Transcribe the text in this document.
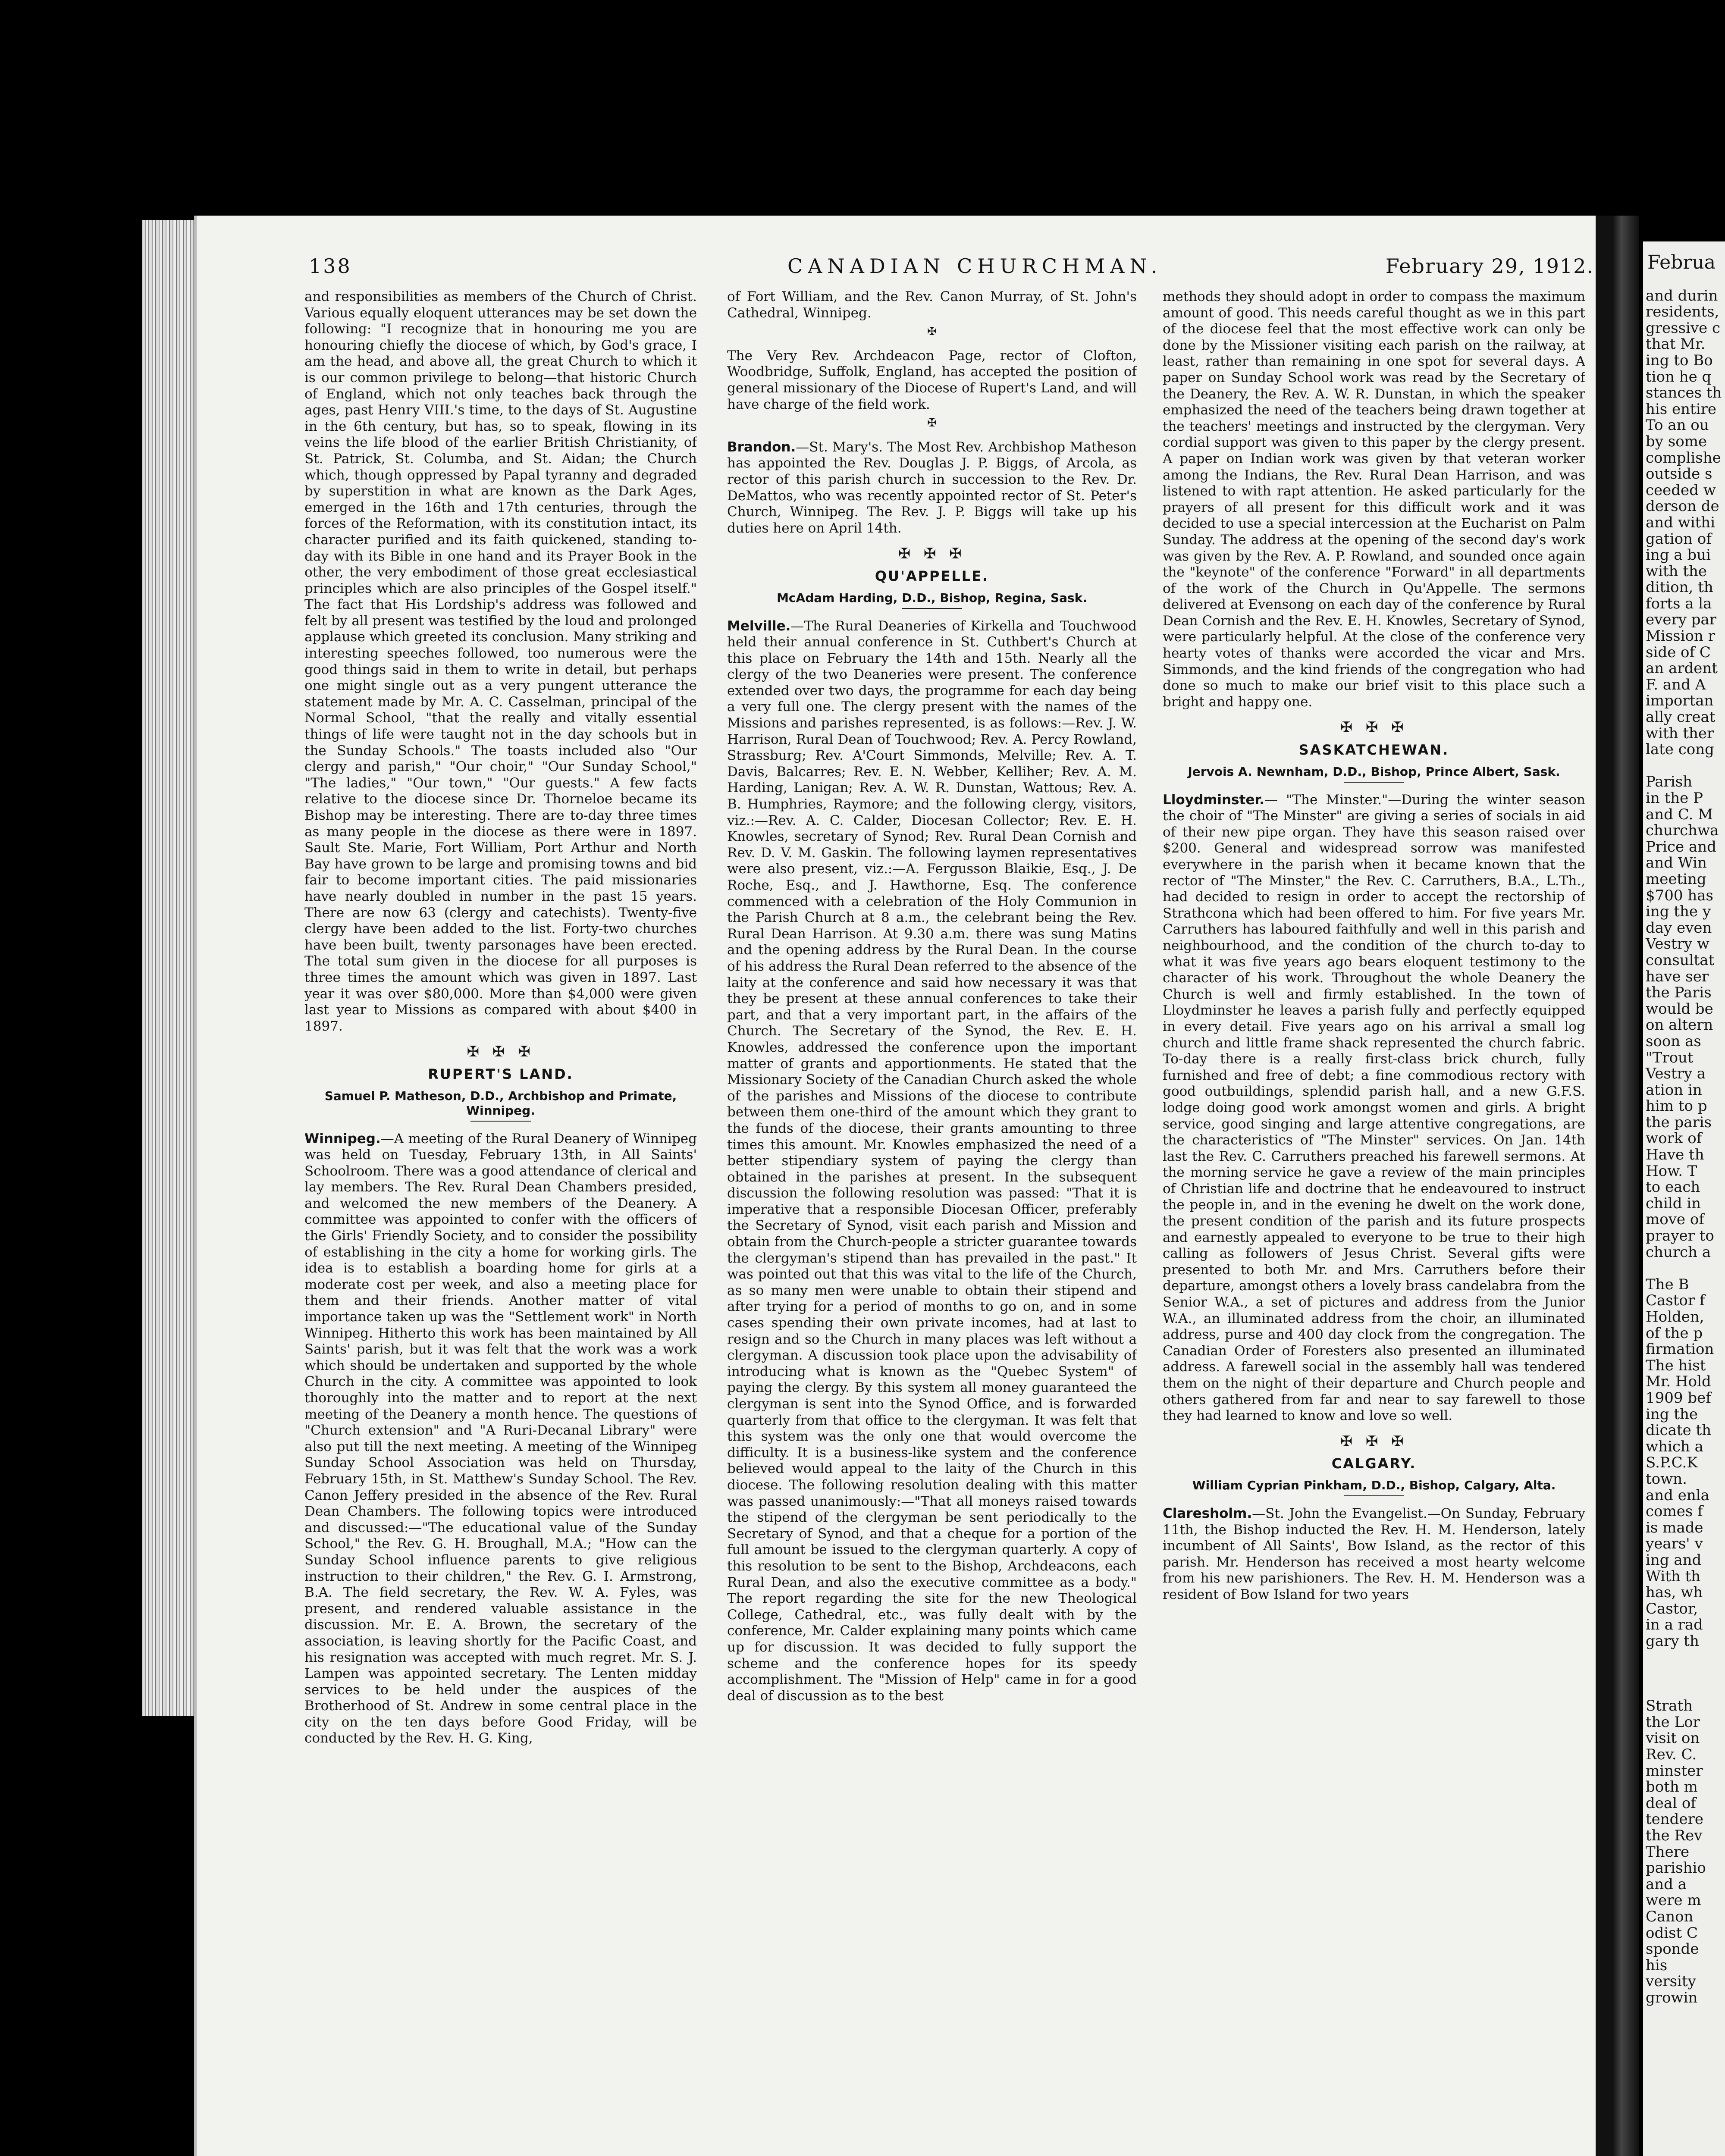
138	CANADIAN CHURCHMAN.	February 29, 1912.

and responsibilities as members of the Church of Christ. Various equally eloquent utterances may be set down the following: "I recognize that in honouring me you are honouring chiefly the diocese of which, by God's grace, I am the head, and above all, the great Church to which it is our common privilege to belong—that historic Church of England, which not only teaches back through the ages, past Henry VIII.'s time, to the days of St. Augustine in the 6th century, but has, so to speak, flowing in its veins the life blood of the earlier British Christianity, of St. Patrick, St. Columba, and St. Aidan; the Church which, though oppressed by Papal tyranny and degraded by superstition in what are known as the Dark Ages, emerged in the 16th and 17th centuries, through the forces of the Reformation, with its constitution intact, its character purified and its faith quickened, standing to-day with its Bible in one hand and its Prayer Book in the other, the very embodiment of those great ecclesiastical principles which are also principles of the Gospel itself." The fact that His Lordship's address was followed and felt by all present was testified by the loud and prolonged applause which greeted its conclusion. Many striking and interesting speeches followed, too numerous were the good things said in them to write in detail, but perhaps one might single out as a very pungent utterance the statement made by Mr. A. C. Casselman, principal of the Normal School, "that the really and vitally essential things of life were taught not in the day schools but in the Sunday Schools." The toasts included also "Our clergy and parish," "Our choir," "Our Sunday School," "The ladies," "Our town," "Our guests." A few facts relative to the diocese since Dr. Thorneloe became its Bishop may be interesting. There are to-day three times as many people in the diocese as there were in 1897. Sault Ste. Marie, Fort William, Port Arthur and North Bay have grown to be large and promising towns and bid fair to become important cities. The paid missionaries have nearly doubled in number in the past 15 years. There are now 63 (clergy and catechists). Twenty-five clergy have been added to the list. Forty-two churches have been built, twenty parsonages have been erected. The total sum given in the diocese for all purposes is three times the amount which was given in 1897. Last year it was over $80,000. More than $4,000 were given last year to Missions as compared with about $400 in 1897.

✠ ✠ ✠
RUPERT'S LAND.
Samuel P. Matheson, D.D., Archbishop and Primate, Winnipeg.

Winnipeg.—A meeting of the Rural Deanery of Winnipeg was held on Tuesday, February 13th, in All Saints' Schoolroom. There was a good attendance of clerical and lay members. The Rev. Rural Dean Chambers presided, and welcomed the new members of the Deanery. A committee was appointed to confer with the officers of the Girls' Friendly Society, and to consider the possibility of establishing in the city a home for working girls. The idea is to establish a boarding home for girls at a moderate cost per week, and also a meeting place for them and their friends. Another matter of vital importance taken up was the "Settlement work" in North Winnipeg. Hitherto this work has been maintained by All Saints' parish, but it was felt that the work was a work which should be undertaken and supported by the whole Church in the city. A committee was appointed to look thoroughly into the matter and to report at the next meeting of the Deanery a month hence. The questions of "Church extension" and "A Ruri-Decanal Library" were also put till the next meeting. A meeting of the Winnipeg Sunday School Association was held on Thursday, February 15th, in St. Matthew's Sunday School. The Rev. Canon Jeffery presided in the absence of the Rev. Rural Dean Chambers. The following topics were introduced and discussed:—"The educational value of the Sunday School," the Rev. G. H. Broughall, M.A.; "How can the Sunday School influence parents to give religious instruction to their children," the Rev. G. I. Armstrong, B.A. The field secretary, the Rev. W. A. Fyles, was present, and rendered valuable assistance in the discussion. Mr. E. A. Brown, the secretary of the association, is leaving shortly for the Pacific Coast, and his resignation was accepted with much regret. Mr. S. J. Lampen was appointed secretary. The Lenten midday services to be held under the auspices of the Brotherhood of St. Andrew in some central place in the city on the ten days before Good Friday, will be conducted by the Rev. H. G. King,

of Fort William, and the Rev. Canon Murray, of St. John's Cathedral, Winnipeg.

✠

The Very Rev. Archdeacon Page, rector of Clofton, Woodbridge, Suffolk, England, has accepted the position of general missionary of the Diocese of Rupert's Land, and will have charge of the field work.

✠

Brandon.—St. Mary's. The Most Rev. Archbishop Matheson has appointed the Rev. Douglas J. P. Biggs, of Arcola, as rector of this parish church in succession to the Rev. Dr. DeMattos, who was recently appointed rector of St. Peter's Church, Winnipeg. The Rev. J. P. Biggs will take up his duties here on April 14th.

✠ ✠ ✠
QU'APPELLE.
McAdam Harding, D.D., Bishop, Regina, Sask.

Melville.—The Rural Deaneries of Kirkella and Touchwood held their annual conference in St. Cuthbert's Church at this place on February the 14th and 15th. Nearly all the clergy of the two Deaneries were present. The conference extended over two days, the programme for each day being a very full one. The clergy present with the names of the Missions and parishes represented, is as follows:—Rev. J. W. Harrison, Rural Dean of Touchwood; Rev. A. Percy Rowland, Strassburg; Rev. A'Court Simmonds, Melville; Rev. A. T. Davis, Balcarres; Rev. E. N. Webber, Kelliher; Rev. A. M. Harding, Lanigan; Rev. A. W. R. Dunstan, Wattous; Rev. A. B. Humphries, Raymore; and the following clergy, visitors, viz.:—Rev. A. C. Calder, Diocesan Collector; Rev. E. H. Knowles, secretary of Synod; Rev. Rural Dean Cornish and Rev. D. V. M. Gaskin. The following laymen representatives were also present, viz.:—A. Fergusson Blaikie, Esq., J. De Roche, Esq., and J. Hawthorne, Esq. The conference commenced with a celebration of the Holy Communion in the Parish Church at 8 a.m., the celebrant being the Rev. Rural Dean Harrison. At 9.30 a.m. there was sung Matins and the opening address by the Rural Dean. In the course of his address the Rural Dean referred to the absence of the laity at the conference and said how necessary it was that they be present at these annual conferences to take their part, and that a very important part, in the affairs of the Church. The Secretary of the Synod, the Rev. E. H. Knowles, addressed the conference upon the important matter of grants and apportionments. He stated that the Missionary Society of the Canadian Church asked the whole of the parishes and Missions of the diocese to contribute between them one-third of the amount which they grant to the funds of the diocese, their grants amounting to three times this amount. Mr. Knowles emphasized the need of a better stipendiary system of paying the clergy than obtained in the parishes at present. In the subsequent discussion the following resolution was passed: "That it is imperative that a responsible Diocesan Officer, preferably the Secretary of Synod, visit each parish and Mission and obtain from the Church-people a stricter guarantee towards the clergyman's stipend than has prevailed in the past." It was pointed out that this was vital to the life of the Church, as so many men were unable to obtain their stipend and after trying for a period of months to go on, and in some cases spending their own private incomes, had at last to resign and so the Church in many places was left without a clergyman. A discussion took place upon the advisability of introducing what is known as the "Quebec System" of paying the clergy. By this system all money guaranteed the clergyman is sent into the Synod Office, and is forwarded quarterly from that office to the clergyman. It was felt that this system was the only one that would overcome the difficulty. It is a business-like system and the conference believed would appeal to the laity of the Church in this diocese. The following resolution dealing with this matter was passed unanimously:—"That all moneys raised towards the stipend of the clergyman be sent periodically to the Secretary of Synod, and that a cheque for a portion of the full amount be issued to the clergyman quarterly. A copy of this resolution to be sent to the Bishop, Archdeacons, each Rural Dean, and also the executive committee as a body." The report regarding the site for the new Theological College, Cathedral, etc., was fully dealt with by the conference, Mr. Calder explaining many points which came up for discussion. It was decided to fully support the scheme and the conference hopes for its speedy accomplishment. The "Mission of Help" came in for a good deal of discussion as to the best

methods they should adopt in order to compass the maximum amount of good. This needs careful thought as we in this part of the diocese feel that the most effective work can only be done by the Missioner visiting each parish on the railway, at least, rather than remaining in one spot for several days. A paper on Sunday School work was read by the Secretary of the Deanery, the Rev. A. W. R. Dunstan, in which the speaker emphasized the need of the teachers being drawn together at the teachers' meetings and instructed by the clergyman. Very cordial support was given to this paper by the clergy present. A paper on Indian work was given by that veteran worker among the Indians, the Rev. Rural Dean Harrison, and was listened to with rapt attention. He asked particularly for the prayers of all present for this difficult work and it was decided to use a special intercession at the Eucharist on Palm Sunday. The address at the opening of the second day's work was given by the Rev. A. P. Rowland, and sounded once again the "keynote" of the conference "Forward" in all departments of the work of the Church in Qu'Appelle. The sermons delivered at Evensong on each day of the conference by Rural Dean Cornish and the Rev. E. H. Knowles, Secretary of Synod, were particularly helpful. At the close of the conference very hearty votes of thanks were accorded the vicar and Mrs. Simmonds, and the kind friends of the congregation who had done so much to make our brief visit to this place such a bright and happy one.

✠ ✠ ✠
SASKATCHEWAN.
Jervois A. Newnham, D.D., Bishop, Prince Albert, Sask.

Lloydminster.— "The Minster."—During the winter season the choir of "The Minster" are giving a series of socials in aid of their new pipe organ. They have this season raised over $200. General and widespread sorrow was manifested everywhere in the parish when it became known that the rector of "The Minster," the Rev. C. Carruthers, B.A., L.Th., had decided to resign in order to accept the rectorship of Strathcona which had been offered to him. For five years Mr. Carruthers has laboured faithfully and well in this parish and neighbourhood, and the condition of the church to-day to what it was five years ago bears eloquent testimony to the character of his work. Throughout the whole Deanery the Church is well and firmly established. In the town of Lloydminster he leaves a parish fully and perfectly equipped in every detail. Five years ago on his arrival a small log church and little frame shack represented the church fabric. To-day there is a really first-class brick church, fully furnished and free of debt; a fine commodious rectory with good outbuildings, splendid parish hall, and a new G.F.S. lodge doing good work amongst women and girls. A bright service, good singing and large attentive congregations, are the characteristics of "The Minster" services. On Jan. 14th last the Rev. C. Carruthers preached his farewell sermons. At the morning service he gave a review of the main principles of Christian life and doctrine that he endeavoured to instruct the people in, and in the evening he dwelt on the work done, the present condition of the parish and its future prospects and earnestly appealed to everyone to be true to their high calling as followers of Jesus Christ. Several gifts were presented to both Mr. and Mrs. Carruthers before their departure, amongst others a lovely brass candelabra from the Senior W.A., a set of pictures and address from the Junior W.A., an illuminated address from the choir, an illuminated address, purse and 400 day clock from the congregation. The Canadian Order of Foresters also presented an illuminated address. A farewell social in the assembly hall was tendered them on the night of their departure and Church people and others gathered from far and near to say farewell to those they had learned to know and love so well.

✠ ✠ ✠
CALGARY.
William Cyprian Pinkham, D.D., Bishop, Calgary, Alta.

Claresholm.—St. John the Evangelist.—On Sunday, February 11th, the Bishop inducted the Rev. H. M. Henderson, lately incumbent of All Saints', Bow Island, as the rector of this parish. Mr. Henderson has received a most hearty welcome from his new parishioners. The Rev. H. M. Henderson was a resident of Bow Island for two years

Februa
and durin
residents,
gressive c
that Mr.
ing to Bo
tion he q
stances th
his entire
To an ou
by some
complishe
outside s
ceeded w
derson de
and withi
gation of
ing a bui
with the
dition, th
forts a la
every par
Mission r
side of C
an ardent
F. and A
importan
ally creat
with ther
late cong

Parish
in the P
and C. M
churchwa
Price and
and Win
meeting
$700 has
ing the y
day even
Vestry w
consultat
have ser
the Paris
would be
on altern
soon as
"Trout
Vestry a
ation in
him to p
the paris
work of
Have th
How. T
to each
child in
move of
prayer to
church a

The B
Castor f
Holden,
of the p
firmation
The hist
Mr. Hold
1909 bef
ing the
dicate th
which a
S.P.C.K
town.
and enla
comes f
is made
years' v
ing and
With th
has, wh
Castor,
in a rad
gary th

Strath
the Lor
visit on
Rev. C.
minster
both m
deal of
tendere
the Rev
There
parishio
and a
were m
Canon
odist C
sponde
his
versity
growin
